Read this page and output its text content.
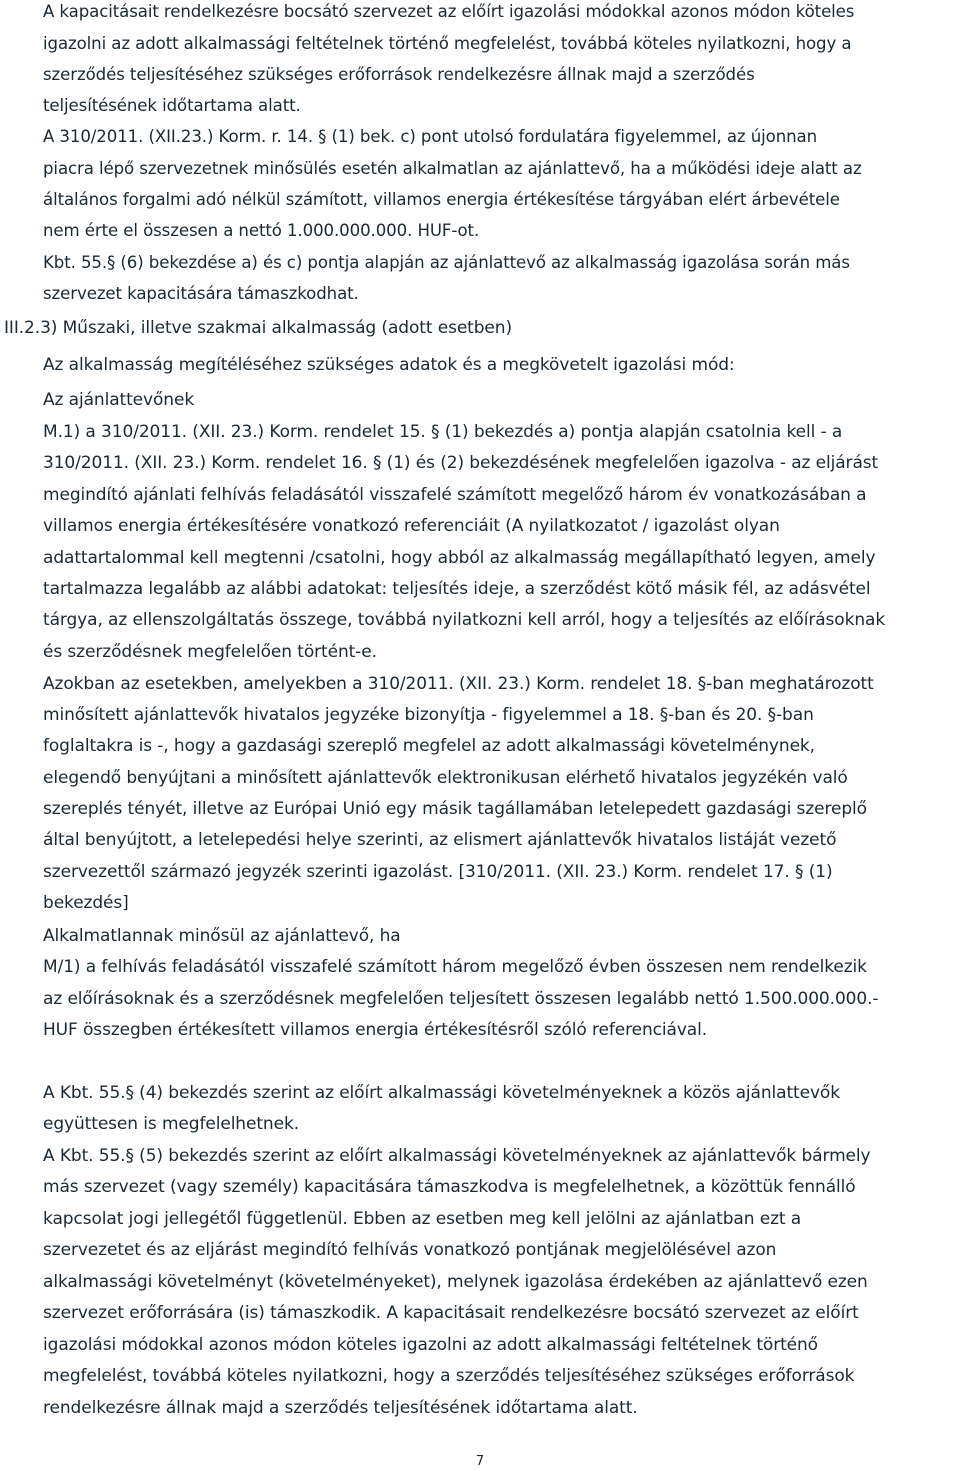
A kapacitásait rendelkezésre bocsátó szervezet az előírt igazolási módokkal azonos módon köteles
igazolni az adott alkalmassági feltételnek történő megfelelést, továbbá köteles nyilatkozni, hogy a
szerződés teljesítéséhez szükséges erőforrások rendelkezésre állnak majd a szerződés
teljesítésének időtartama alatt.
A 310/2011. (XII.23.) Korm. r. 14. § (1) bek. c) pont utolsó fordulatára figyelemmel, az újonnan
piacra lépő szervezetnek minősülés esetén alkalmatlan az ajánlattevő, ha a működési ideje alatt az
általános forgalmi adó nélkül számított, villamos energia értékesítése tárgyában elért árbevétele
nem érte el összesen a nettó 1.000.000.000. HUF-ot.
Kbt. 55.§ (6) bekezdése a) és c) pontja alapján az ajánlattevő az alkalmasság igazolása során más
szervezet kapacitására támaszkodhat.
III.2.3) Műszaki, illetve szakmai alkalmasság (adott esetben)
Az alkalmasság megítéléséhez szükséges adatok és a megkövetelt igazolási mód:
Az ajánlattevőnek
M.1) a 310/2011. (XII. 23.) Korm. rendelet 15. § (1) bekezdés a) pontja alapján csatolnia kell - a
310/2011. (XII. 23.) Korm. rendelet 16. § (1) és (2) bekezdésének megfelelően igazolva - az eljárást
megindító ajánlati felhívás feladásától visszafelé számított megelőző három év vonatkozásában a
villamos energia értékesítésére vonatkozó referenciáit (A nyilatkozatot / igazolást olyan
adattartalommal kell megtenni /csatolni, hogy abból az alkalmasság megállapítható legyen, amely
tartalmazza legalább az alábbi adatokat: teljesítés ideje, a szerződést kötő másik fél, az adásvétel
tárgya, az ellenszolgáltatás összege, továbbá nyilatkozni kell arról, hogy a teljesítés az előírásoknak
és szerződésnek megfelelően történt-e.
Azokban az esetekben, amelyekben a 310/2011. (XII. 23.) Korm. rendelet 18. §-ban meghatározott
minősített ajánlattevők hivatalos jegyzéke bizonyítja - figyelemmel a 18. §-ban és 20. §-ban
foglaltakra is -, hogy a gazdasági szereplő megfelel az adott alkalmassági követelménynek,
elegendő benyújtani a minősített ajánlattevők elektronikusan elérhető hivatalos jegyzékén való
szereplés tényét, illetve az Európai Unió egy másik tagállamában letelepedett gazdasági szereplő
által benyújtott, a letelepedési helye szerinti, az elismert ajánlattevők hivatalos listáját vezető
szervezettől származó jegyzék szerinti igazolást. [310/2011. (XII. 23.) Korm. rendelet 17. § (1)
bekezdés]
Alkalmatlannak minősül az ajánlattevő, ha
M/1) a felhívás feladásától visszafelé számított három megelőző évben összesen nem rendelkezik
az előírásoknak és a szerződésnek megfelelően teljesített összesen legalább nettó 1.500.000.000.-
HUF összegben értékesített villamos energia értékesítésről szóló referenciával.
A Kbt. 55.§ (4) bekezdés szerint az előírt alkalmassági követelményeknek a közös ajánlattevők
együttesen is megfelelhetnek.
A Kbt. 55.§ (5) bekezdés szerint az előírt alkalmassági követelményeknek az ajánlattevők bármely
más szervezet (vagy személy) kapacitására támaszkodva is megfelelhetnek, a közöttük fennálló
kapcsolat jogi jellegétől függetlenül. Ebben az esetben meg kell jelölni az ajánlatban ezt a
szervezetet és az eljárást megindító felhívás vonatkozó pontjának megjelölésével azon
alkalmassági követelményt (követelményeket), melynek igazolása érdekében az ajánlattevő ezen
szervezet erőforrására (is) támaszkodik. A kapacitásait rendelkezésre bocsátó szervezet az előírt
igazolási módokkal azonos módon köteles igazolni az adott alkalmassági feltételnek történő
megfelelést, továbbá köteles nyilatkozni, hogy a szerződés teljesítéséhez szükséges erőforrások
rendelkezésre állnak majd a szerződés teljesítésének időtartama alatt.
7
